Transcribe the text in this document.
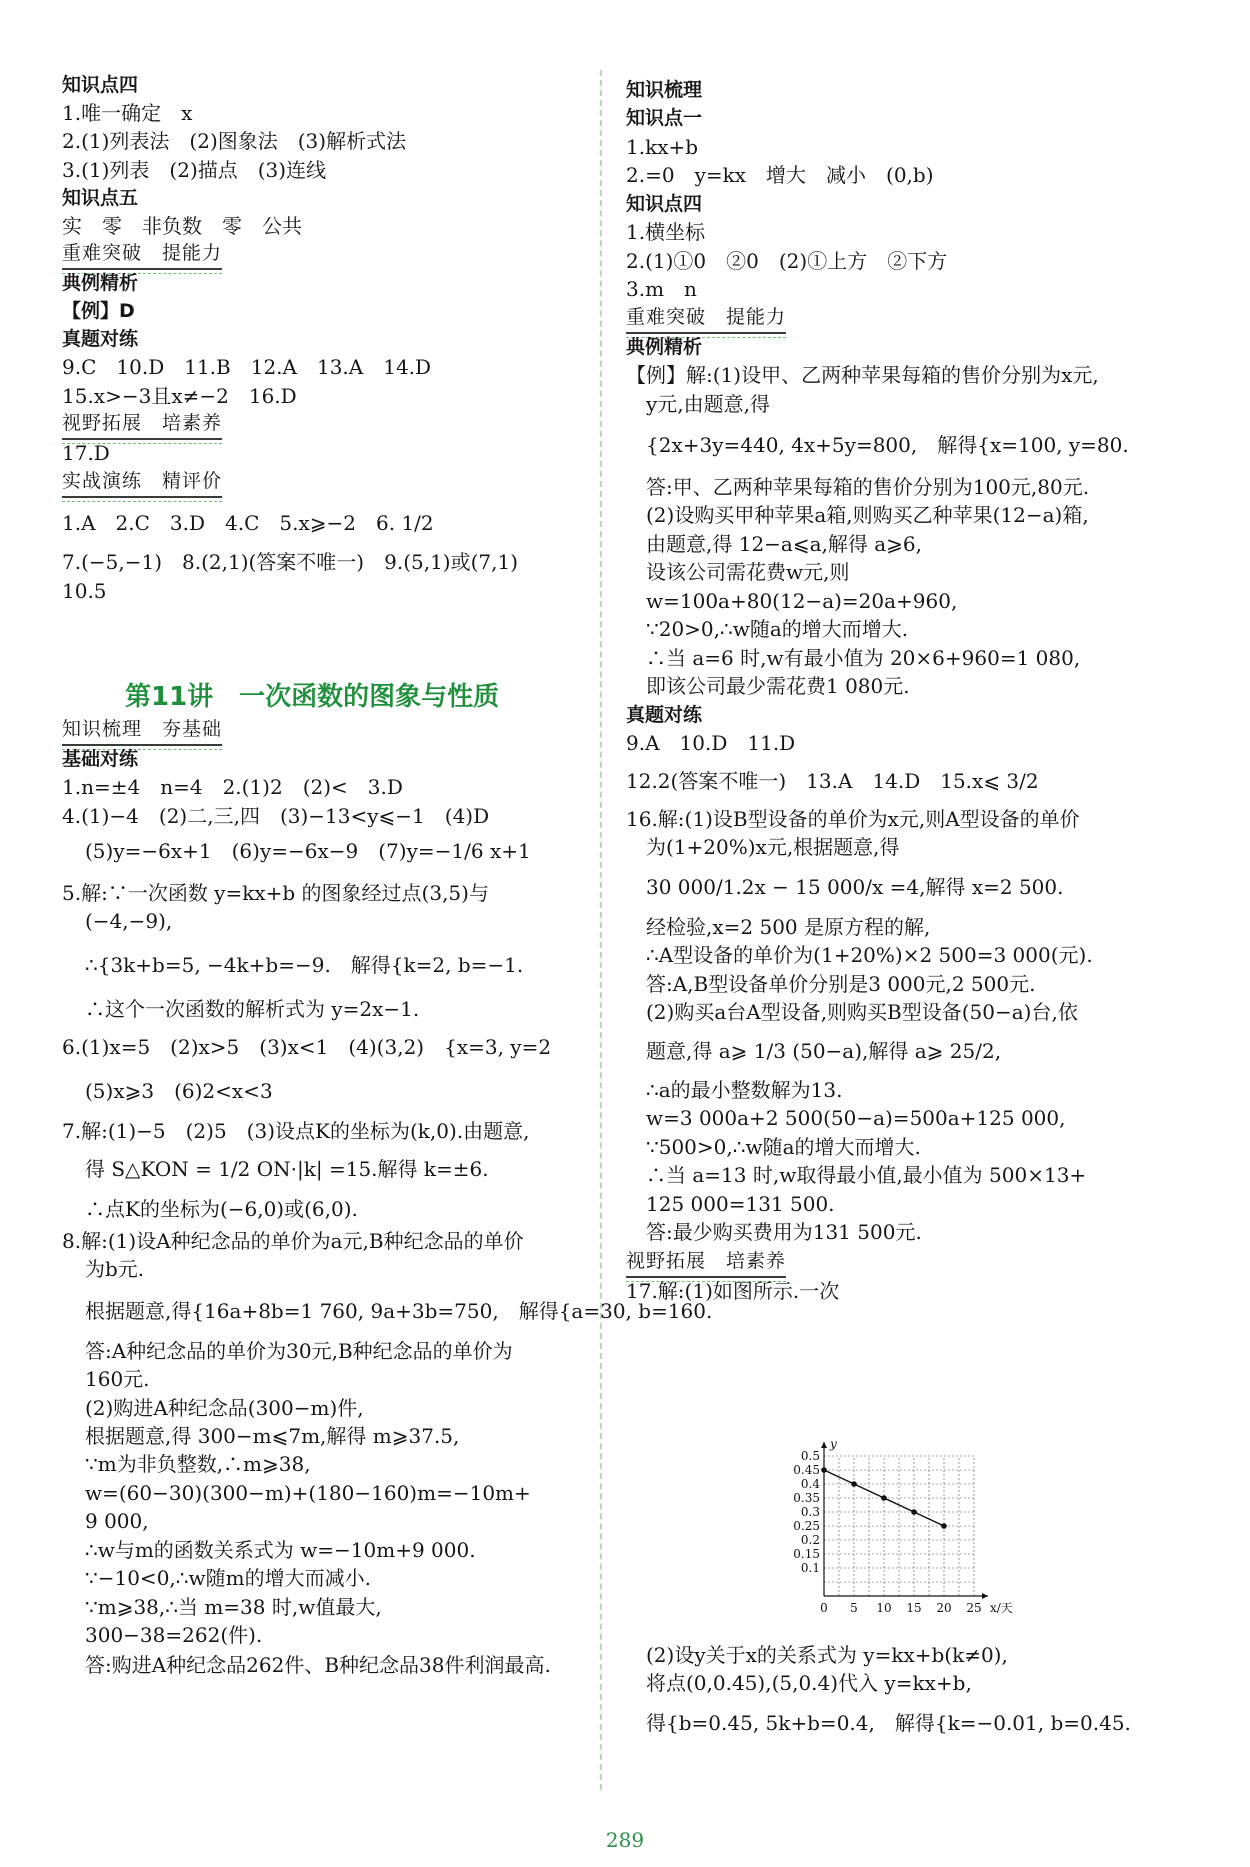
知识点四
1.唯一确定　x
2.(1)列表法　(2)图象法　(3)解析式法
3.(1)列表　(2)描点　(3)连线
知识点五
实　零　非负数　零　公共
重难突破　提能力
典例精析
【例】D
真题对练
9.C　10.D　11.B　12.A　13.A　14.D
15.x>−3且x≠−2　16.D
视野拓展　培素养
17.D
实战演练　精评价
1.A　2.C　3.D　4.C　5.x⩾−2　6. 1/2
7.(−5,−1)　8.(2,1)(答案不唯一)　9.(5,1)或(7,1)
10.5
第11讲　一次函数的图象与性质
知识梳理　夯基础
基础对练
1.n=±4　n=4　2.(1)2　(2)<　3.D
4.(1)−4　(2)二,三,四　(3)−13<y⩽−1　(4)D
(5)y=−6x+1　(6)y=−6x−9　(7)y=−1/6 x+1
5.解:∵一次函数 y=kx+b 的图象经过点(3,5)与
(−4,−9),
∴{3k+b=5, −4k+b=−9.　解得{k=2, b=−1.
∴这个一次函数的解析式为 y=2x−1.
6.(1)x=5　(2)x>5　(3)x<1　(4)(3,2)　{x=3, y=2
(5)x⩾3　(6)2<x<3
7.解:(1)−5　(2)5　(3)设点K的坐标为(k,0).由题意,
得 S△KON = 1/2 ON·|k| =15.解得 k=±6.
∴点K的坐标为(−6,0)或(6,0).
8.解:(1)设A种纪念品的单价为a元,B种纪念品的单价
为b元.
根据题意,得{16a+8b=1 760, 9a+3b=750,　解得{a=30, b=160.
答:A种纪念品的单价为30元,B种纪念品的单价为
160元.
(2)购进A种纪念品(300−m)件,
根据题意,得 300−m⩽7m,解得 m⩾37.5,
∵m为非负整数,∴m⩾38,
w=(60−30)(300−m)+(180−160)m=−10m+
9 000,
∴w与m的函数关系式为 w=−10m+9 000.
∵−10<0,∴w随m的增大而减小.
∵m⩾38,∴当 m=38 时,w值最大,
300−38=262(件).
答:购进A种纪念品262件、B种纪念品38件利润最高.
知识梳理
知识点一
1.kx+b
2.=0　y=kx　增大　减小　(0,b)
知识点四
1.横坐标
2.(1)①0　②0　(2)①上方　②下方
3.m　n
重难突破　提能力
典例精析
【例】解:(1)设甲、乙两种苹果每箱的售价分别为x元,
y元,由题意,得
{2x+3y=440, 4x+5y=800,　解得{x=100, y=80.
答:甲、乙两种苹果每箱的售价分别为100元,80元.
(2)设购买甲种苹果a箱,则购买乙种苹果(12−a)箱,
由题意,得 12−a⩽a,解得 a⩾6,
设该公司需花费w元,则
w=100a+80(12−a)=20a+960,
∵20>0,∴w随a的增大而增大.
∴当 a=6 时,w有最小值为 20×6+960=1 080,
即该公司最少需花费1 080元.
真题对练
9.A　10.D　11.D
12.2(答案不唯一)　13.A　14.D　15.x⩽ 3/2
16.解:(1)设B型设备的单价为x元,则A型设备的单价
为(1+20%)x元,根据题意,得
30 000/1.2x − 15 000/x =4,解得 x=2 500.
经检验,x=2 500 是原方程的解,
∴A型设备的单价为(1+20%)×2 500=3 000(元).
答:A,B型设备单价分别是3 000元,2 500元.
(2)购买a台A型设备,则购买B型设备(50−a)台,依
题意,得 a⩾ 1/3 (50−a),解得 a⩾ 25/2,
∴a的最小整数解为13.
w=3 000a+2 500(50−a)=500a+125 000,
∵500>0,∴w随a的增大而增大.
∴当 a=13 时,w取得最小值,最小值为 500×13+
125 000=131 500.
答:最少购买费用为131 500元.
视野拓展　培素养
17.解:(1)如图所示.一次
(2)设y关于x的关系式为 y=kx+b(k≠0),
将点(0,0.45),(5,0.4)代入 y=kx+b,
得{b=0.45, 5k+b=0.4,　解得{k=−0.01, b=0.45.
0 5 10 15 20 25
0.1
0.15
0.2
0.25
0.3
0.35
0.4
0.45
0.5
x/天
y
289
